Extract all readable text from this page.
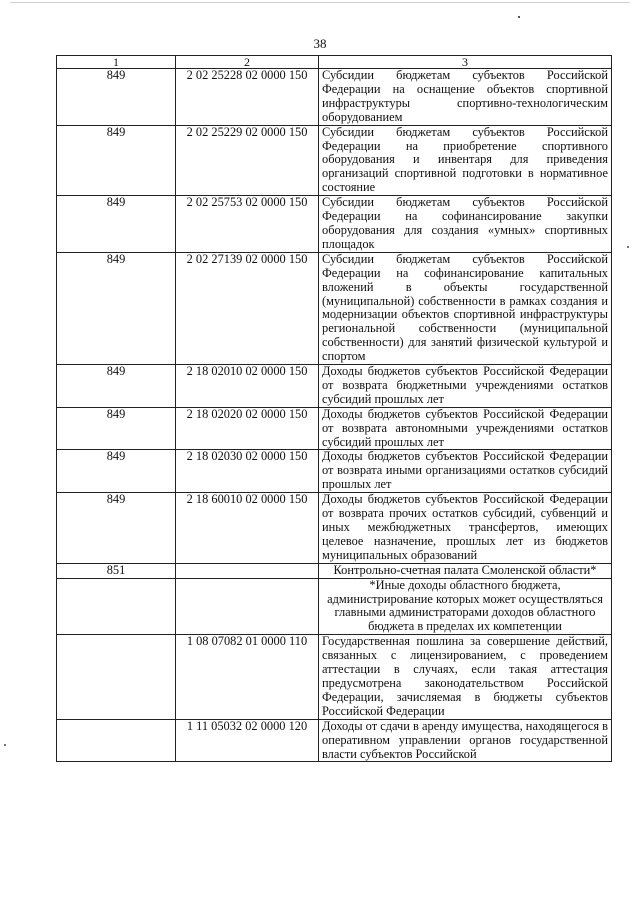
38
1	2	3
849	2 02 25228 02 0000 150	Субсидии бюджетам субъектов Российской Федерации на оснащение объектов спортивной инфраструктуры спортивно-технологическим оборудованием
849	2 02 25229 02 0000 150	Субсидии бюджетам субъектов Российской Федерации на приобретение спортивного оборудования и инвентаря для приведения организаций спортивной подготовки в нормативное состояние
849	2 02 25753 02 0000 150	Субсидии бюджетам субъектов Российской Федерации на софинансирование закупки оборудования для создания «умных» спортивных площадок
849	2 02 27139 02 0000 150	Субсидии бюджетам субъектов Российской Федерации на софинансирование капитальных вложений в объекты государственной (муниципальной) собственности в рамках создания и модернизации объектов спортивной инфраструктуры региональной собственности (муниципальной собственности) для занятий физической культурой и спортом
849	2 18 02010 02 0000 150	Доходы бюджетов субъектов Российской Федерации от возврата бюджетными учреждениями остатков субсидий прошлых лет
849	2 18 02020 02 0000 150	Доходы бюджетов субъектов Российской Федерации от возврата автономными учреждениями остатков субсидий прошлых лет
849	2 18 02030 02 0000 150	Доходы бюджетов субъектов Российской Федерации от возврата иными организациями остатков субсидий прошлых лет
849	2 18 60010 02 0000 150	Доходы бюджетов субъектов Российской Федерации от возврата прочих остатков субсидий, субвенций и иных межбюджетных трансфертов, имеющих целевое назначение, прошлых лет из бюджетов муниципальных образований
851		Контрольно-счетная палата Смоленской области*
		*Иные доходы областного бюджета, администрирование которых может осуществляться главными администраторами доходов областного бюджета в пределах их компетенции
	1 08 07082 01 0000 110	Государственная пошлина за совершение действий, связанных с лицензированием, с проведением аттестации в случаях, если такая аттестация предусмотрена законодательством Российской Федерации, зачисляемая в бюджеты субъектов Российской Федерации
	1 11 05032 02 0000 120	Доходы от сдачи в аренду имущества, находящегося в оперативном управлении органов государственной власти субъектов Российской
